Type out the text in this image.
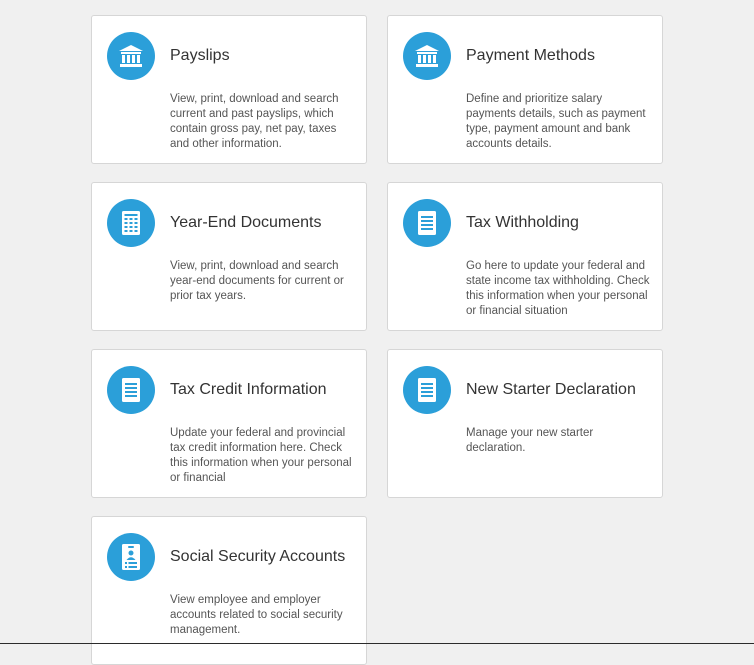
Payslips
View, print, download and search current and past payslips, which contain gross pay, net pay, taxes and other information.
Payment Methods
Define and prioritize salary payments details, such as payment type, payment amount and bank accounts details.
Year-End Documents
View, print, download and search year-end documents for current or prior tax years.
Tax Withholding
Go here to update your federal and state income tax withholding. Check this information when your personal or financial situation
Tax Credit Information
Update your federal and provincial tax credit information here. Check this information when your personal or financial
New Starter Declaration
Manage your new starter declaration.
Social Security Accounts
View employee and employer accounts related to social security management.
